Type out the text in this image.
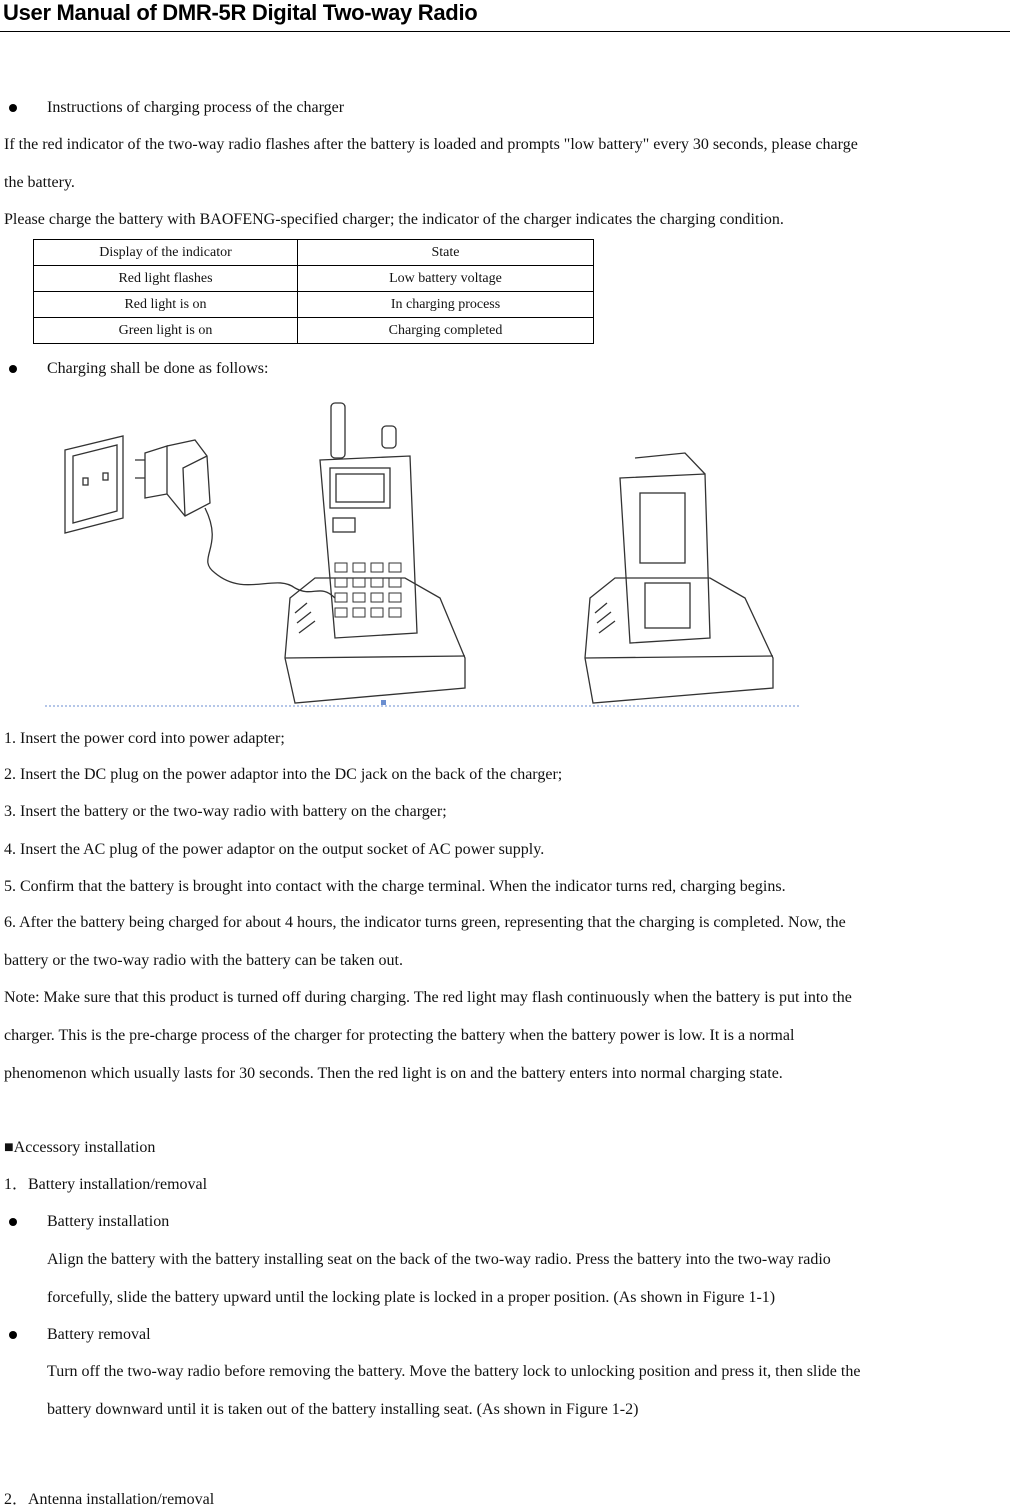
User Manual of DMR-5R Digital Two-way Radio
Instructions of charging process of the charger
If the red indicator of the two-way radio flashes after the battery is loaded and prompts "low battery" every 30 seconds, please charge
the battery.
Please charge the battery with BAOFENG-specified charger; the indicator of the charger indicates the charging condition.
Display of the indicator	State
Red light flashes	Low battery voltage
Red light is on	In charging process
Green light is on	Charging completed
Charging shall be done as follows:
1. Insert the power cord into power adapter;
2. Insert the DC plug on the power adaptor into the DC jack on the back of the charger;
3. Insert the battery or the two-way radio with battery on the charger;
4. Insert the AC plug of the power adaptor on the output socket of AC power supply.
5. Confirm that the battery is brought into contact with the charge terminal. When the indicator turns red, charging begins.
6. After the battery being charged for about 4 hours, the indicator turns green, representing that the charging is completed. Now, the
battery or the two-way radio with the battery can be taken out.
Note: Make sure that this product is turned off during charging. The red light may flash continuously when the battery is put into the
charger. This is the pre-charge process of the charger for protecting the battery when the battery power is low. It is a normal
phenomenon which usually lasts for 30 seconds. Then the red light is on and the battery enters into normal charging state.
■Accessory installation
1．Battery installation/removal
Battery installation
Align the battery with the battery installing seat on the back of the two-way radio. Press the battery into the two-way radio
forcefully, slide the battery upward until the locking plate is locked in a proper position. (As shown in Figure 1-1)
Battery removal
Turn off the two-way radio before removing the battery. Move the battery lock to unlocking position and press it, then slide the
battery downward until it is taken out of the battery installing seat. (As shown in Figure 1-2)
2．Antenna installation/removal
